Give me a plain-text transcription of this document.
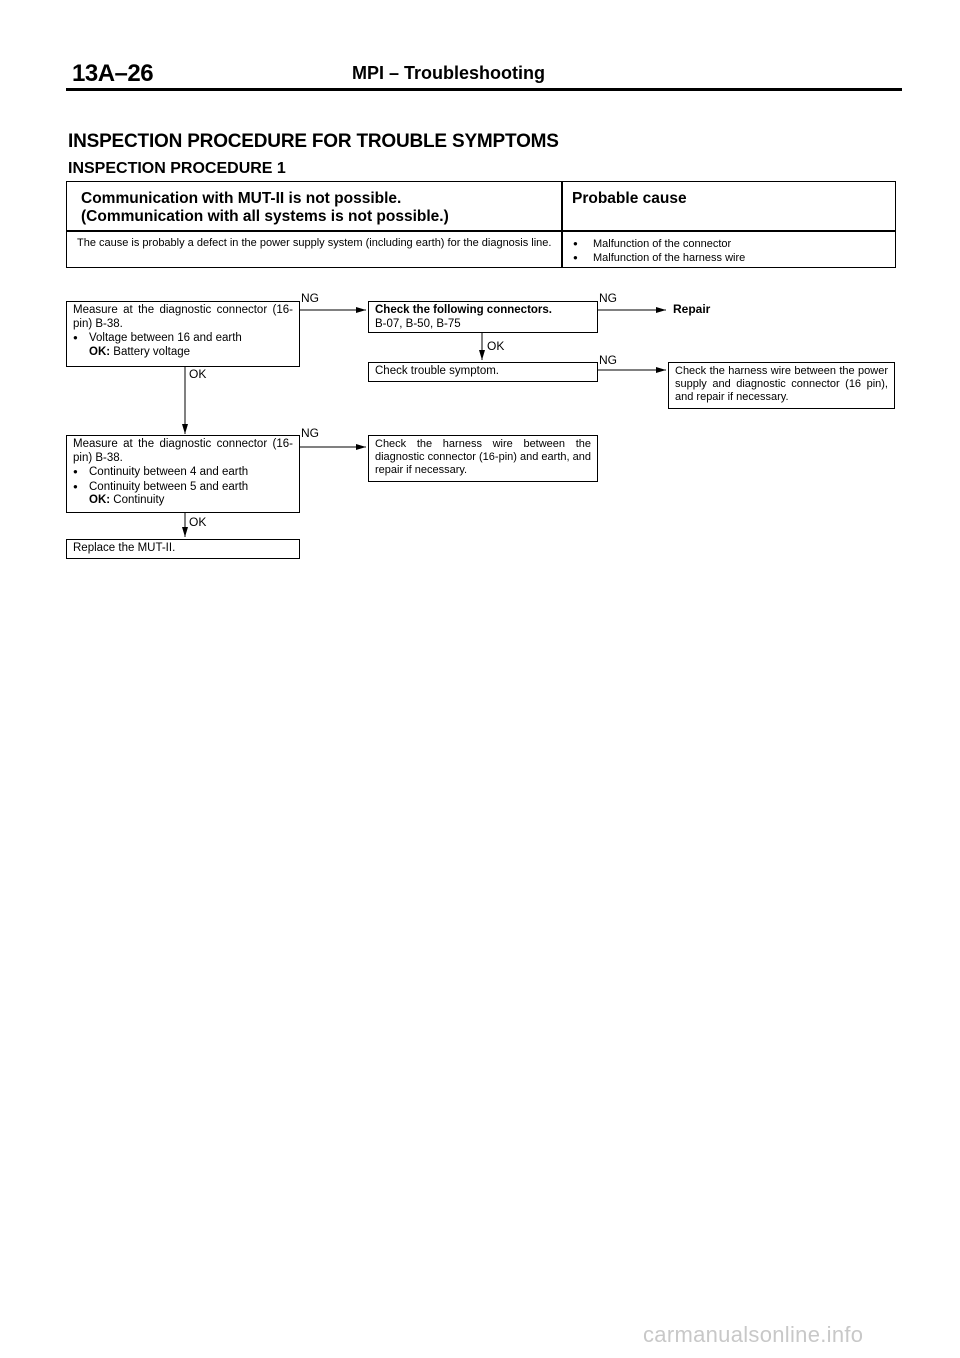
13A–26	MPI – Troubleshooting
INSPECTION PROCEDURE FOR TROUBLE SYMPTOMS
INSPECTION PROCEDURE 1
Communication with MUT-II is not possible.
(Communication with all systems is not possible.)
Probable cause
The cause is probably a defect in the power supply system (including earth) for the diagnosis line.
●	Malfunction of the connector
● Malfunction of the harness wire
Measure at the diagnostic connector (16-pin) B-38.
● Voltage between 16 and earth
OK: Battery voltage
Check the following connectors.
B-07, B-50, B-75
Repair
Check trouble symptom.	Check the harness wire between the power supply and diagnostic connector (16 pin), and repair if necessary.
Measure at the diagnostic connector (16-pin) B-38.
● Continuity between 4 and earth
● Continuity between 5 and earth
OK: Continuity
Check the harness wire between the diagnostic connector (16-pin) and earth, and repair if necessary.
Replace the MUT-II.
NG	NG
OK
NG
OK
NG
OK
carmanualsonline.info
